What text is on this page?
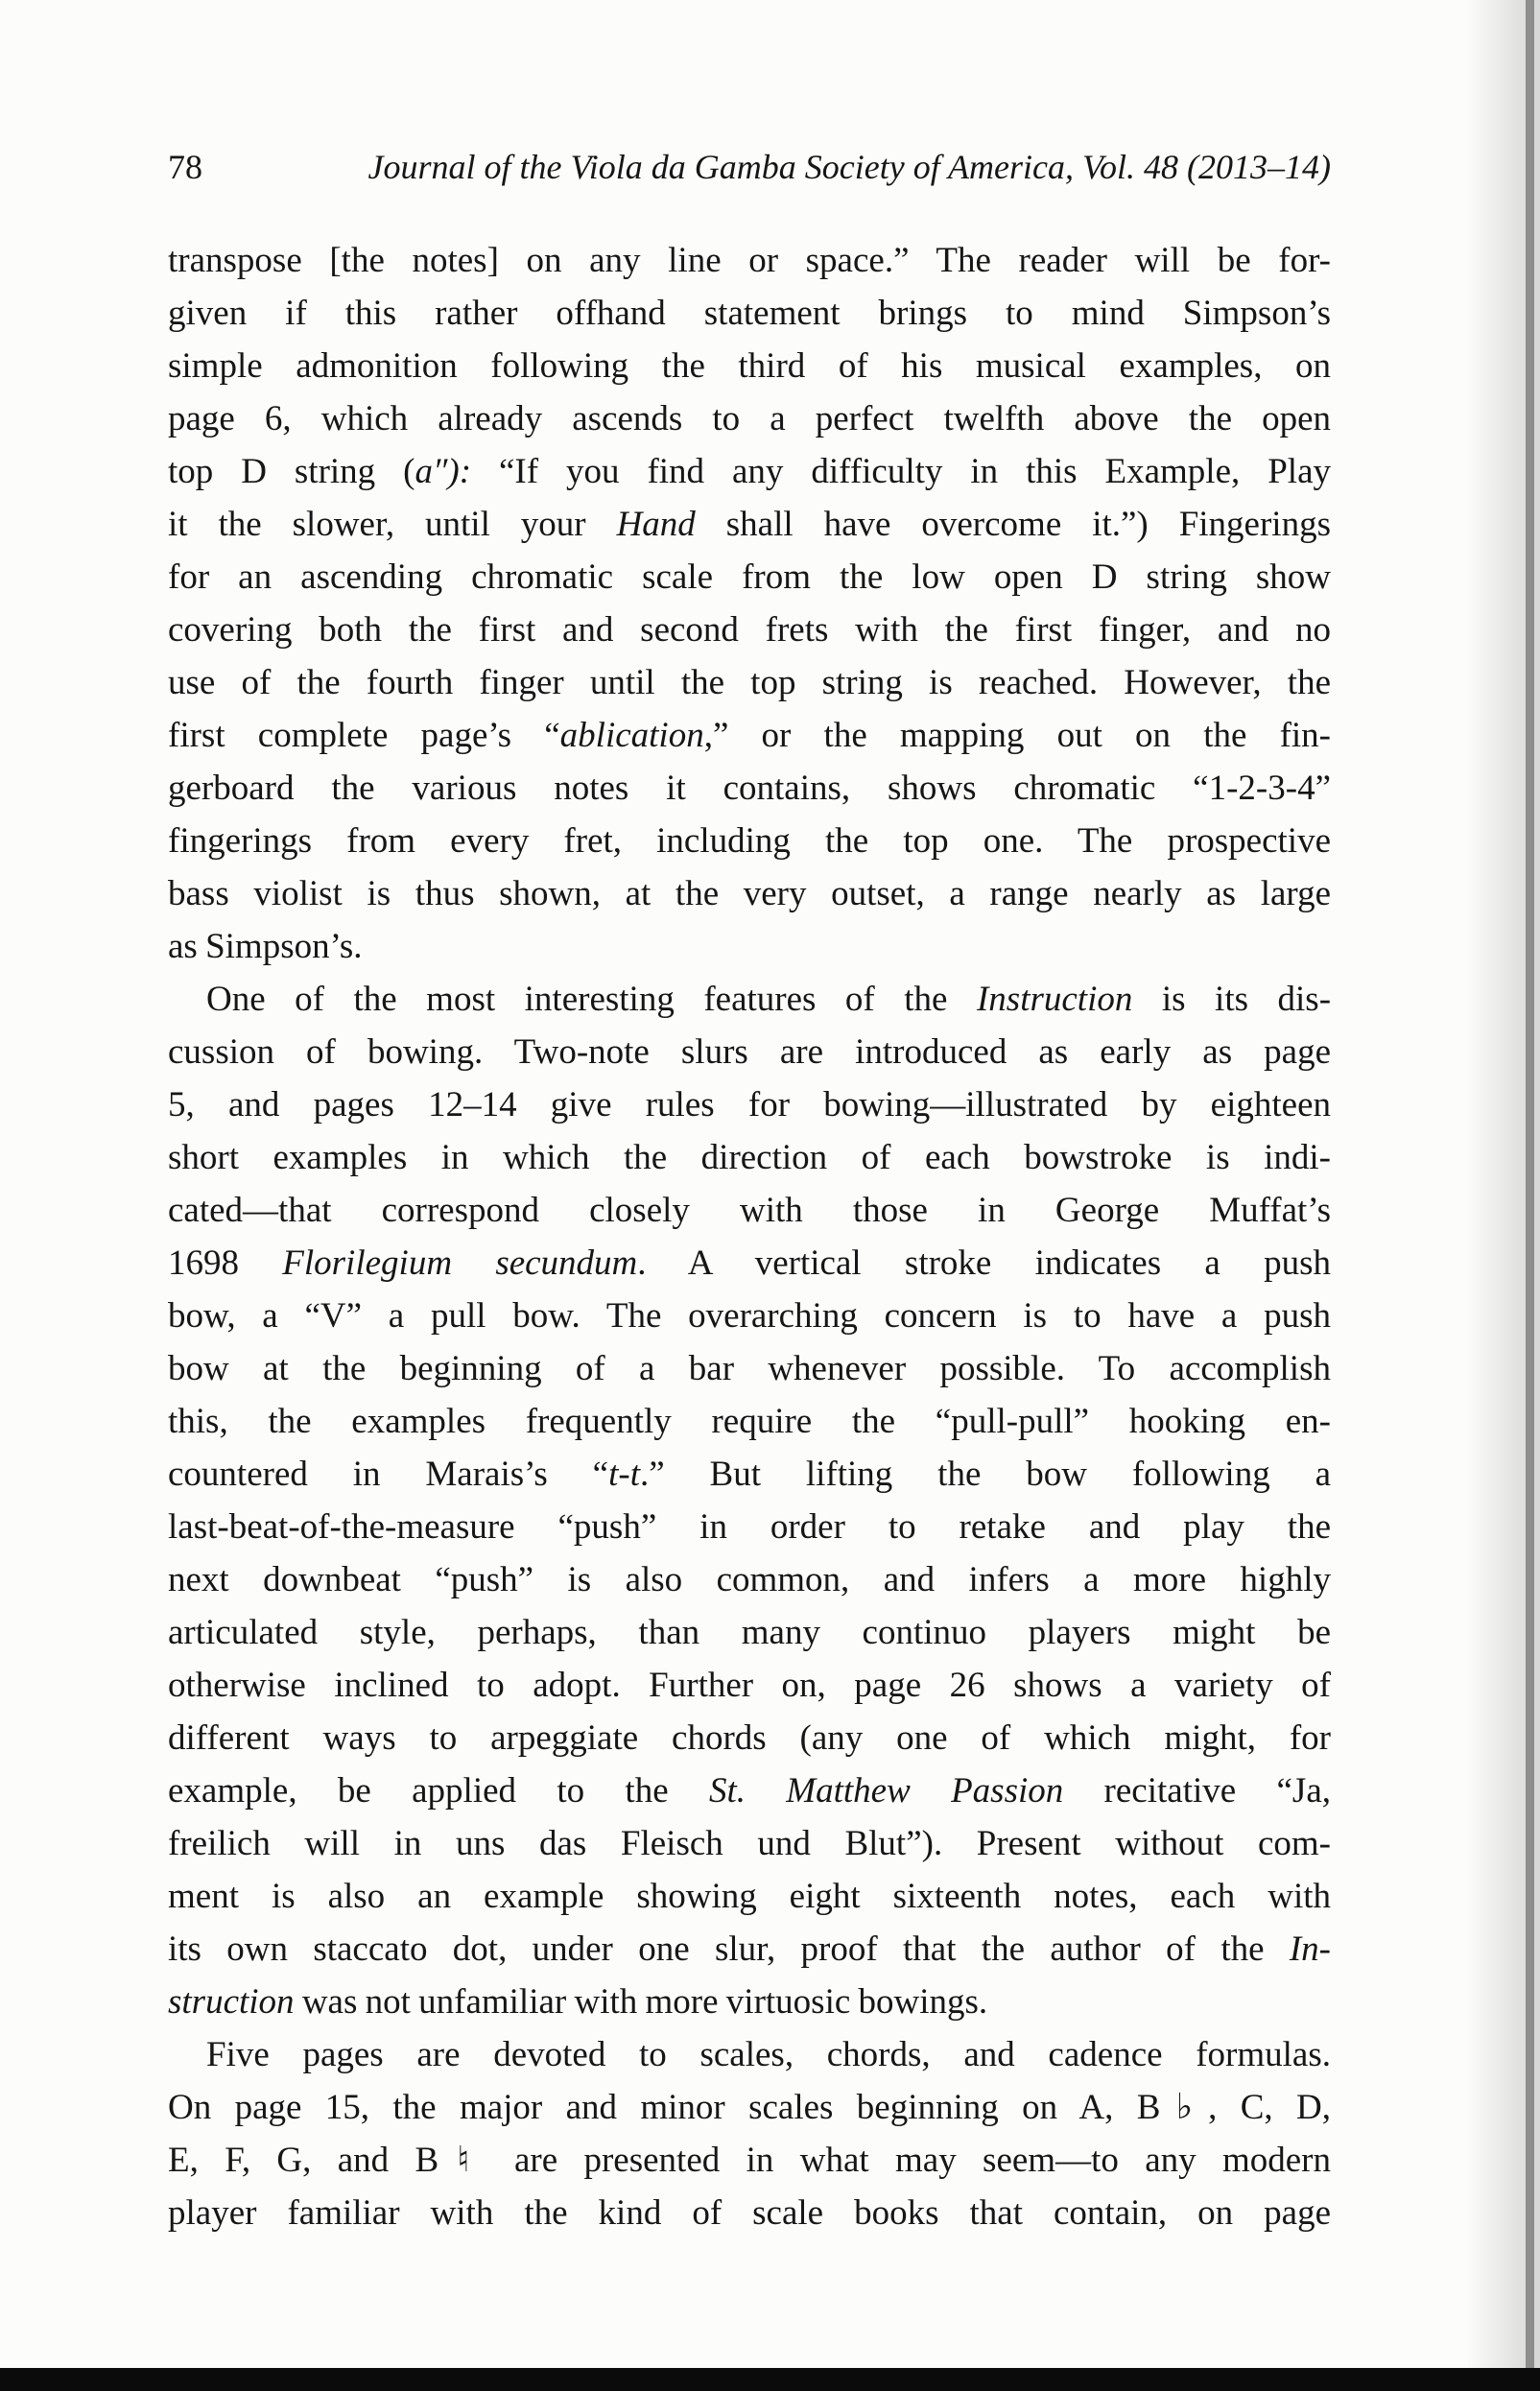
78	Journal of the Viola da Gamba Society of America, Vol. 48 (2013–14)
transpose [the notes] on any line or space.” The reader will be for-
given if this rather offhand statement brings to mind Simpson’s
simple admonition following the third of his musical examples, on
page 6, which already ascends to a perfect twelfth above the open
top D string (a″): “If you find any difficulty in this Example, Play
it the slower, until your Hand shall have overcome it.”) Fingerings
for an ascending chromatic scale from the low open D string show
covering both the first and second frets with the first finger, and no
use of the fourth finger until the top string is reached. However, the
first complete page’s “ablication,” or the mapping out on the fin-
gerboard the various notes it contains, shows chromatic “1-2-3-4”
fingerings from every fret, including the top one. The prospective
bass violist is thus shown, at the very outset, a range nearly as large
as Simpson’s.
One of the most interesting features of the Instruction is its dis-
cussion of bowing. Two-note slurs are introduced as early as page
5, and pages 12–14 give rules for bowing—illustrated by eighteen
short examples in which the direction of each bowstroke is indi-
cated—that correspond closely with those in George Muffat’s
1698 Florilegium secundum. A vertical stroke indicates a push
bow, a “V” a pull bow. The overarching concern is to have a push
bow at the beginning of a bar whenever possible. To accomplish
this, the examples frequently require the “pull-pull” hooking en-
countered in Marais’s “t-t.” But lifting the bow following a
last-beat-of-the-measure “push” in order to retake and play the
next downbeat “push” is also common, and infers a more highly
articulated style, perhaps, than many continuo players might be
otherwise inclined to adopt. Further on, page 26 shows a variety of
different ways to arpeggiate chords (any one of which might, for
example, be applied to the St. Matthew Passion recitative “Ja,
freilich will in uns das Fleisch und Blut”). Present without com-
ment is also an example showing eight sixteenth notes, each with
its own staccato dot, under one slur, proof that the author of the In-
struction was not unfamiliar with more virtuosic bowings.
Five pages are devoted to scales, chords, and cadence formulas.
On page 15, the major and minor scales beginning on A, B♭, C, D,
E, F, G, and B♮ are presented in what may seem—to any modern
player familiar with the kind of scale books that contain, on page
